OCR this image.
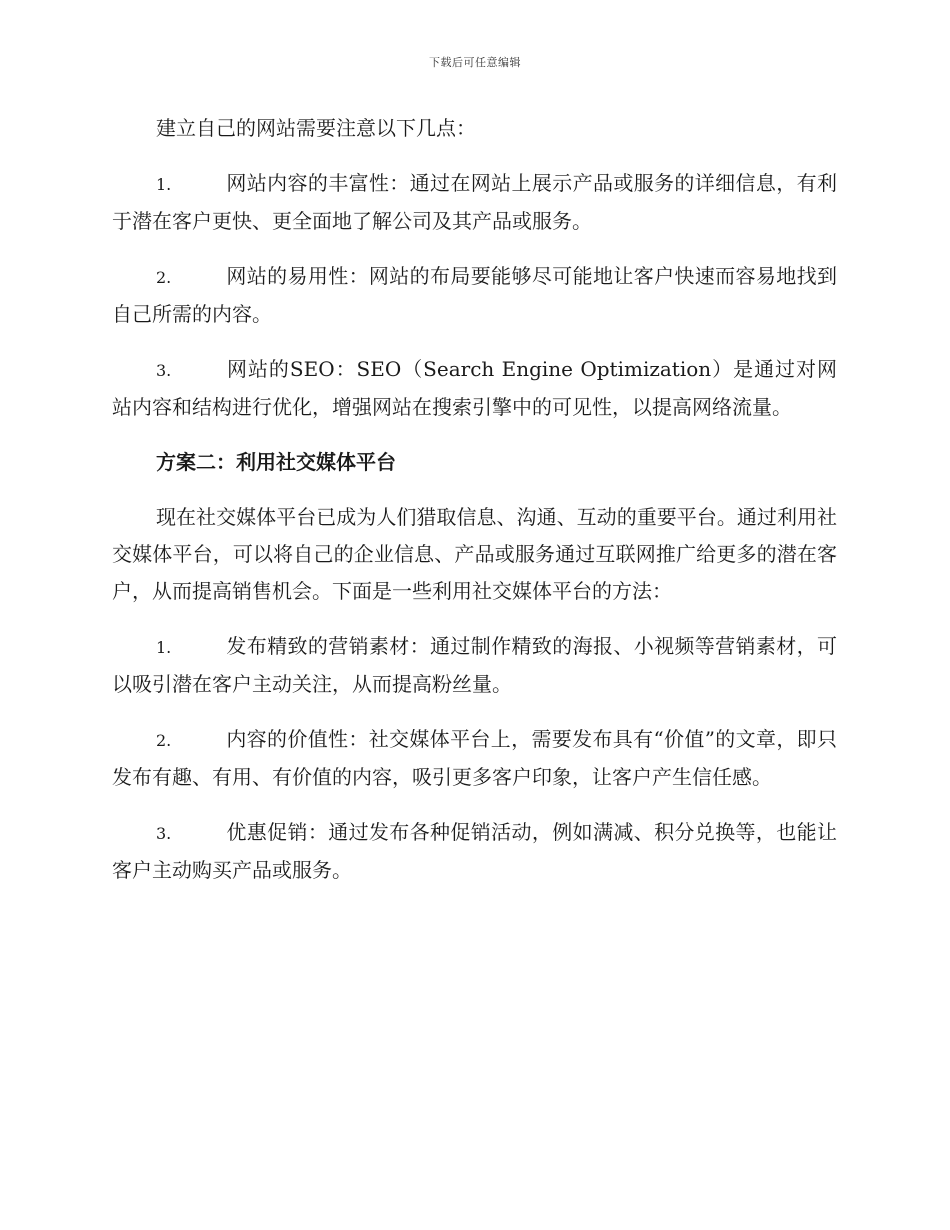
下载后可任意编辑

建立自己的网站需要注意以下几点：

1.	网站内容的丰富性：通过在网站上展示产品或服务的详细信息，有利于潜在客户更快、更全面地了解公司及其产品或服务。

2.	网站的易用性：网站的布局要能够尽可能地让客户快速而容易地找到自己所需的内容。

3.	网站的SEO：SEO（Search Engine Optimization）是通过对网站内容和结构进行优化，增强网站在搜索引擎中的可见性，以提高网络流量。

方案二：利用社交媒体平台

现在社交媒体平台已成为人们猎取信息、沟通、互动的重要平台。通过利用社交媒体平台，可以将自己的企业信息、产品或服务通过互联网推广给更多的潜在客户，从而提高销售机会。下面是一些利用社交媒体平台的方法：

1.	发布精致的营销素材：通过制作精致的海报、小视频等营销素材，可以吸引潜在客户主动关注，从而提高粉丝量。

2.	内容的价值性：社交媒体平台上，需要发布具有“价值”的文章，即只发布有趣、有用、有价值的内容，吸引更多客户印象，让客户产生信任感。

3.	优惠促销：通过发布各种促销活动，例如满减、积分兑换等，也能让客户主动购买产品或服务。
